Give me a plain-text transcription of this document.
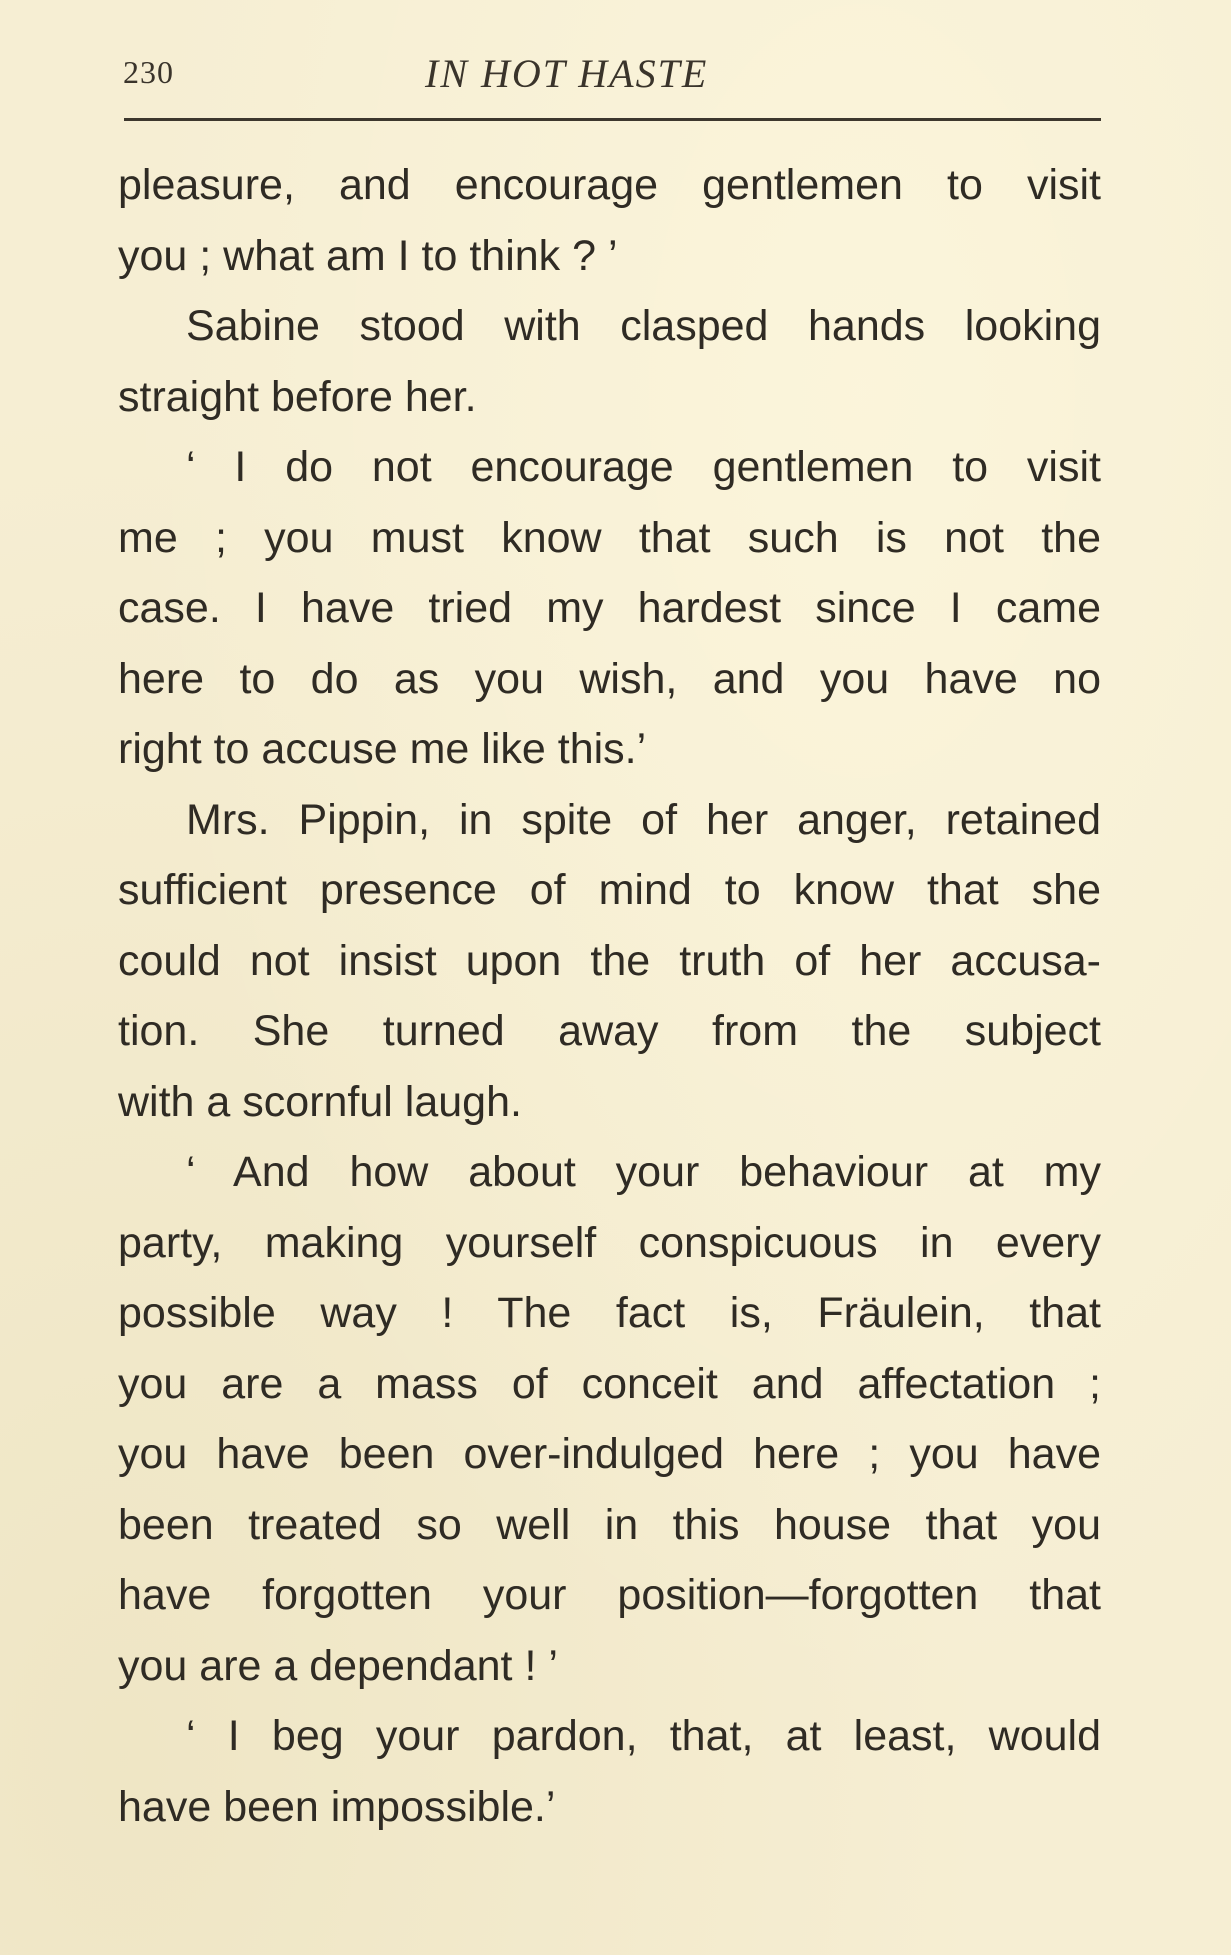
230	IN HOT HASTE
pleasure, and encourage gentlemen to visit
you ; what am I to think ? ’
Sabine stood with clasped hands looking
straight before her.
‘ I do not encourage gentlemen to visit
me ; you must know that such is not the
case. I have tried my hardest since I came
here to do as you wish, and you have no
right to accuse me like this.’
Mrs. Pippin, in spite of her anger, retained
sufficient presence of mind to know that she
could not insist upon the truth of her accusa-
tion. She turned away from the subject
with a scornful laugh.
‘ And how about your behaviour at my
party, making yourself conspicuous in every
possible way ! The fact is, Fräulein, that
you are a mass of conceit and affectation ;
you have been over-indulged here ; you have
been treated so well in this house that you
have forgotten your position—forgotten that
you are a dependant ! ’
‘ I beg your pardon, that, at least, would
have been impossible.’
